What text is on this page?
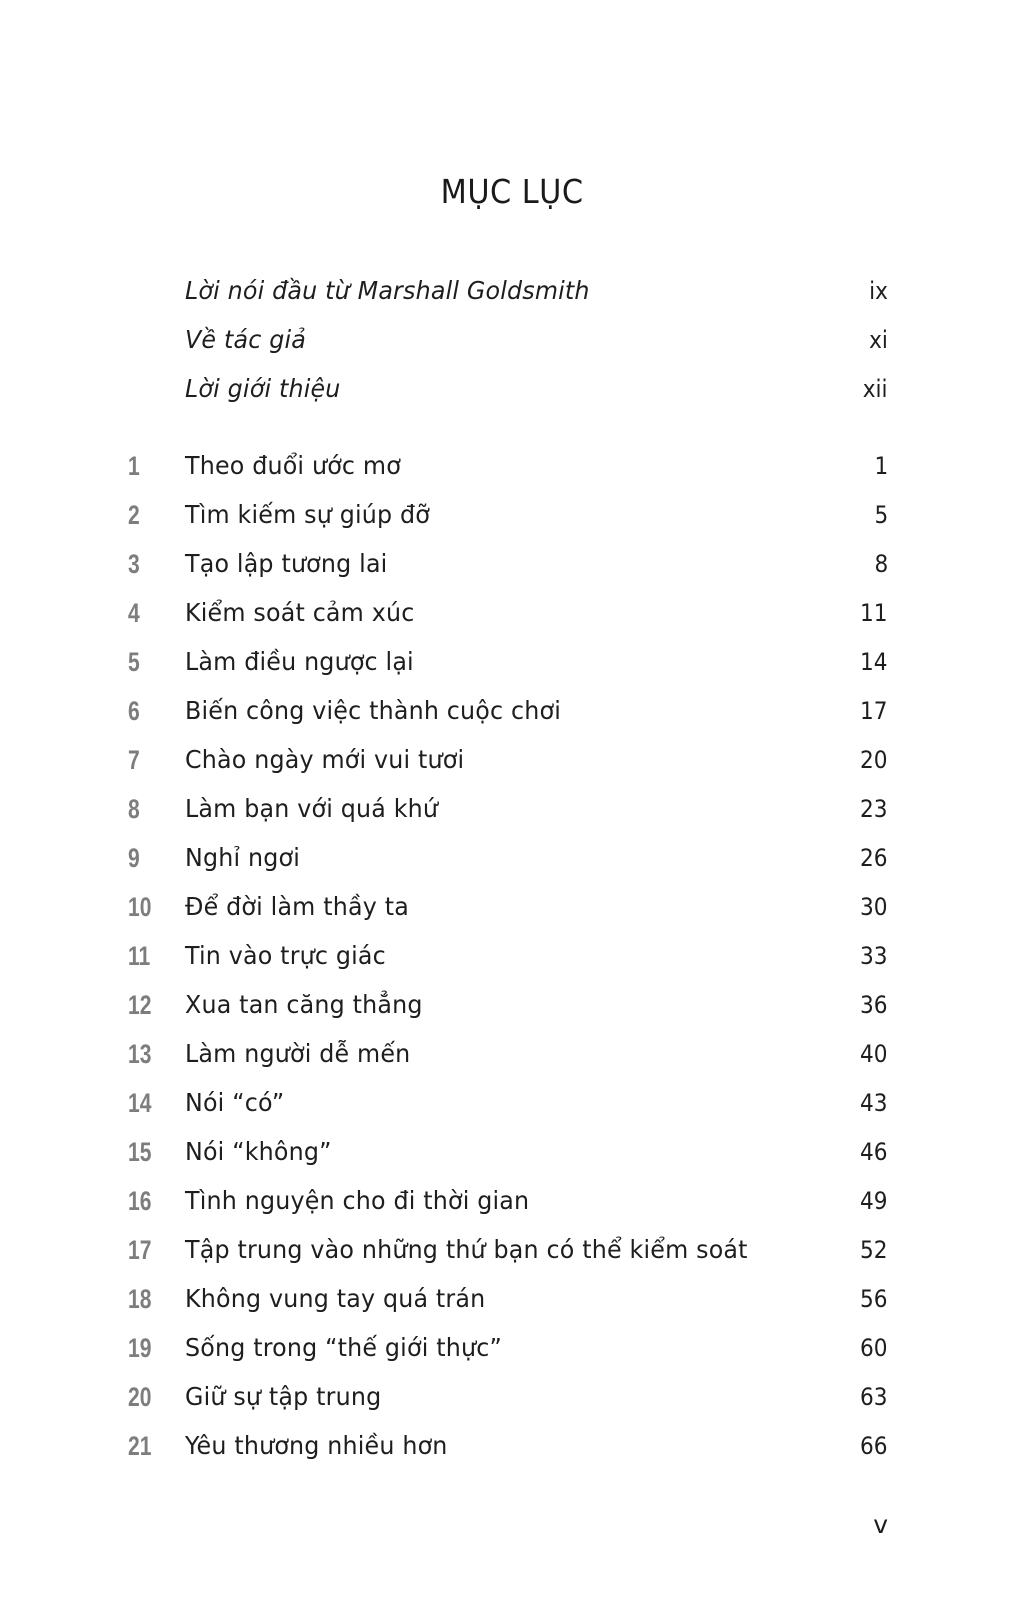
MỤC LỤC
Lời nói đầu từ Marshall Goldsmith	ix
Về tác giả	xi
Lời giới thiệu	xii
1	Theo đuổi ước mơ	1
2	Tìm kiếm sự giúp đỡ	5
3	Tạo lập tương lai	8
4	Kiểm soát cảm xúc	11
5	Làm điều ngược lại	14
6	Biến công việc thành cuộc chơi	17
7	Chào ngày mới vui tươi	20
8	Làm bạn với quá khứ	23
9	Nghỉ ngơi	26
10	Để đời làm thầy ta	30
11	Tin vào trực giác	33
12	Xua tan căng thẳng	36
13	Làm người dễ mến	40
14	Nói “có”	43
15	Nói “không”	46
16	Tình nguyện cho đi thời gian	49
17	Tập trung vào những thứ bạn có thể kiểm soát	52
18	Không vung tay quá trán	56
19	Sống trong “thế giới thực”	60
20	Giữ sự tập trung	63
21	Yêu thương nhiều hơn	66
v
